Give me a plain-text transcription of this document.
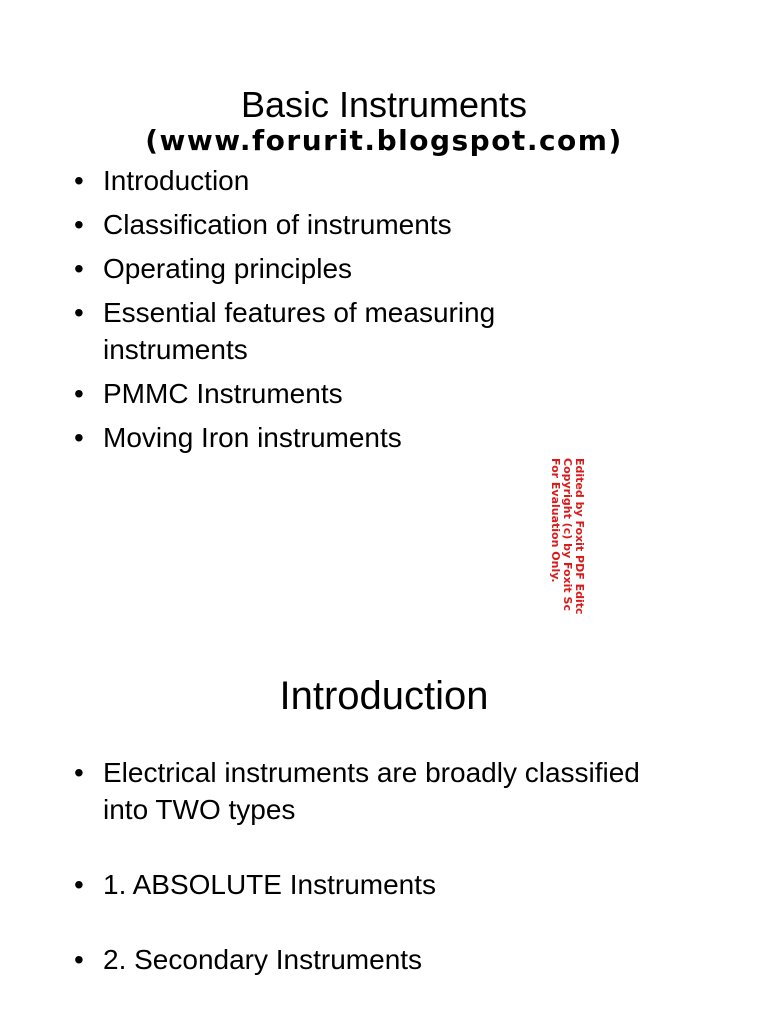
Basic Instruments
(www.forurit.blogspot.com)
• Introduction
• Classification of instruments
• Operating principles
• Essential features of measuring instruments
• PMMC Instruments
• Moving Iron instruments
Edited by Foxit PDF Editc
Copyright (c) by Foxit Sc
For Evaluation Only.
Introduction
• Electrical instruments are broadly classified into TWO types
• 1. ABSOLUTE Instruments
• 2. Secondary Instruments
